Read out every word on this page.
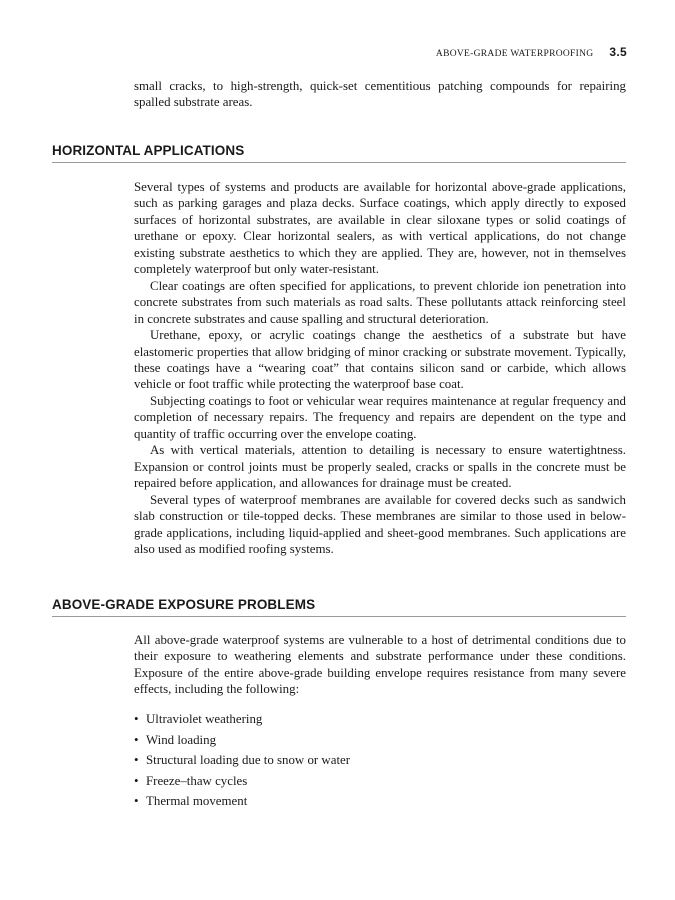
ABOVE-GRADE WATERPROOFING 3.5

small cracks, to high-strength, quick-set cementitious patching compounds for repairing spalled substrate areas.

HORIZONTAL APPLICATIONS

Several types of systems and products are available for horizontal above-grade applications, such as parking garages and plaza decks. Surface coatings, which apply directly to exposed surfaces of horizontal substrates, are available in clear siloxane types or solid coatings of urethane or epoxy. Clear horizontal sealers, as with vertical applications, do not change existing substrate aesthetics to which they are applied. They are, however, not in themselves completely waterproof but only water-resistant.

Clear coatings are often specified for applications, to prevent chloride ion penetration into concrete substrates from such materials as road salts. These pollutants attack reinforcing steel in concrete substrates and cause spalling and structural deterioration.

Urethane, epoxy, or acrylic coatings change the aesthetics of a substrate but have elastomeric properties that allow bridging of minor cracking or substrate movement. Typically, these coatings have a “wearing coat” that contains silicon sand or carbide, which allows vehicle or foot traffic while protecting the waterproof base coat.

Subjecting coatings to foot or vehicular wear requires maintenance at regular frequency and completion of necessary repairs. The frequency and repairs are dependent on the type and quantity of traffic occurring over the envelope coating.

As with vertical materials, attention to detailing is necessary to ensure watertightness. Expansion or control joints must be properly sealed, cracks or spalls in the concrete must be repaired before application, and allowances for drainage must be created.

Several types of waterproof membranes are available for covered decks such as sandwich slab construction or tile-topped decks. These membranes are similar to those used in below-grade applications, including liquid-applied and sheet-good membranes. Such applications are also used as modified roofing systems.

ABOVE-GRADE EXPOSURE PROBLEMS

All above-grade waterproof systems are vulnerable to a host of detrimental conditions due to their exposure to weathering elements and substrate performance under these conditions. Exposure of the entire above-grade building envelope requires resistance from many severe effects, including the following:

• Ultraviolet weathering
• Wind loading
• Structural loading due to snow or water
• Freeze–thaw cycles
• Thermal movement
